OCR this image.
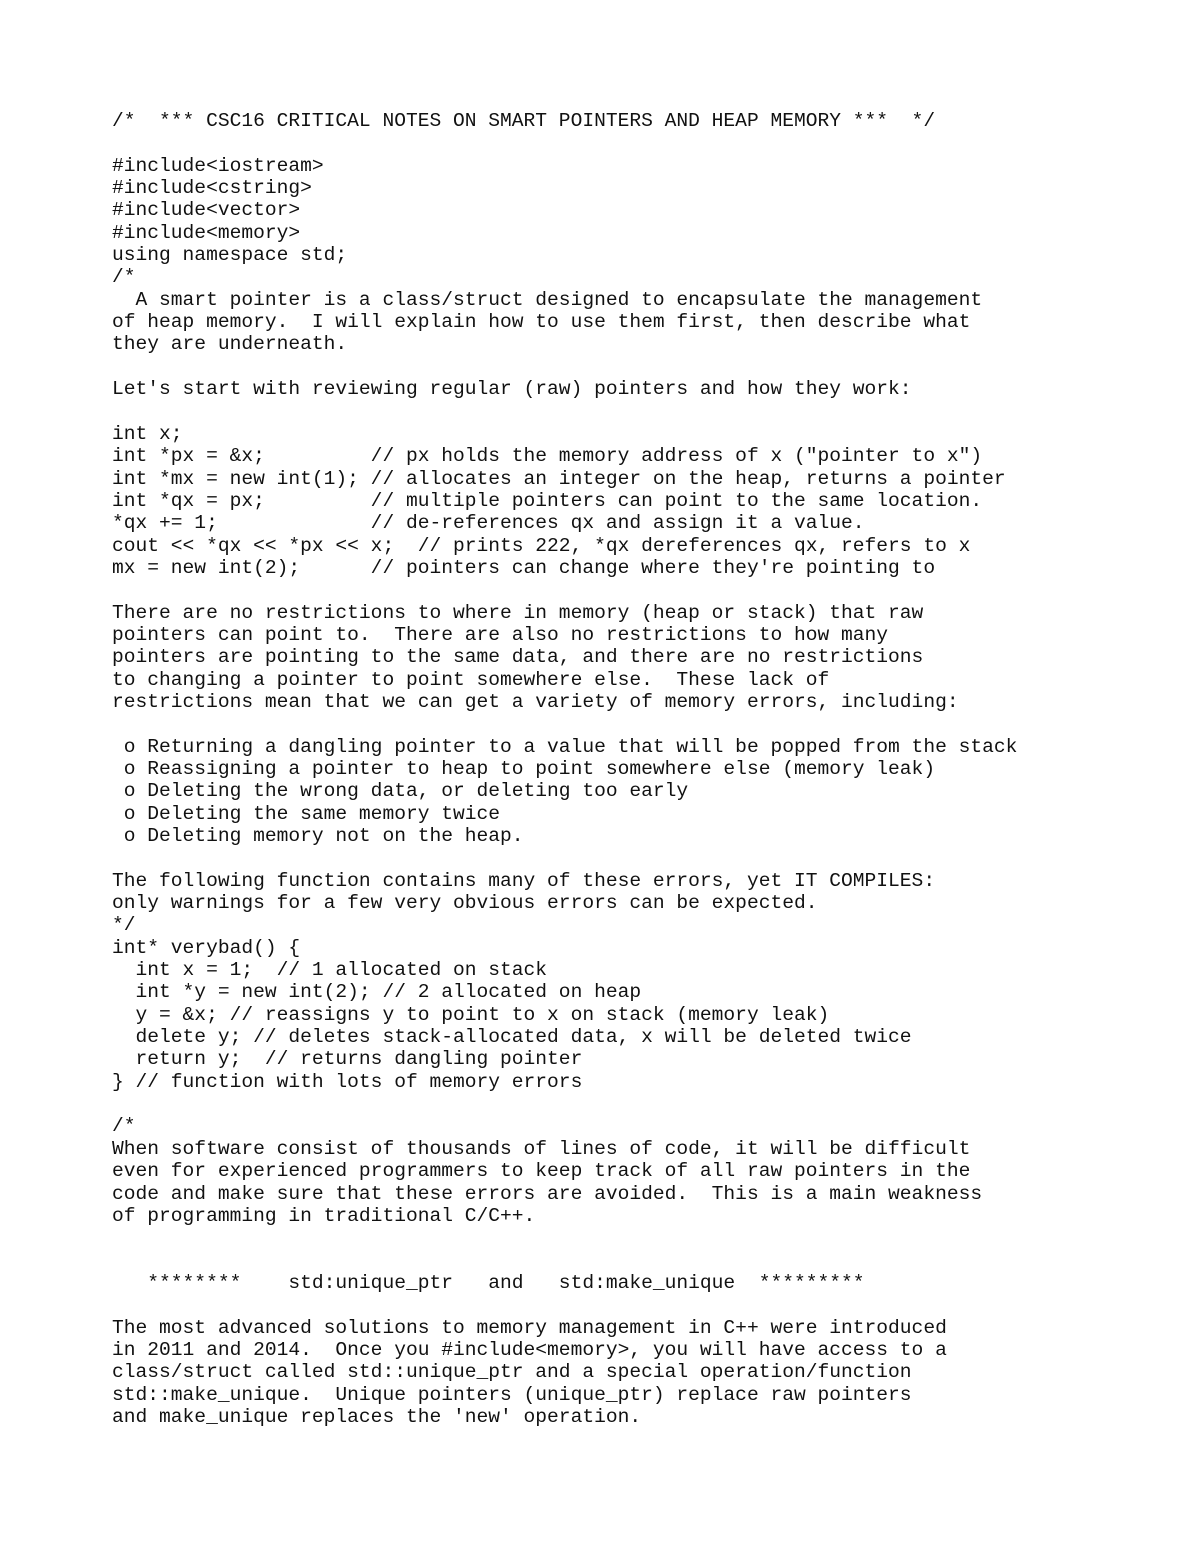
/*  *** CSC16 CRITICAL NOTES ON SMART POINTERS AND HEAP MEMORY ***  */
#include<iostream>
#include<cstring>
#include<vector>
#include<memory>
using namespace std;
/*
A smart pointer is a class/struct designed to encapsulate the management
of heap memory.  I will explain how to use them first, then describe what
they are underneath.
Let's start with reviewing regular (raw) pointers and how they work:
int x;
int *px = &x;         // px holds the memory address of x ("pointer to x")
int *mx = new int(1); // allocates an integer on the heap, returns a pointer
int *qx = px;         // multiple pointers can point to the same location.
*qx += 1;             // de-references qx and assign it a value.
cout << *qx << *px << x;  // prints 222, *qx dereferences qx, refers to x
mx = new int(2);      // pointers can change where they're pointing to
There are no restrictions to where in memory (heap or stack) that raw
pointers can point to.  There are also no restrictions to how many
pointers are pointing to the same data, and there are no restrictions
to changing a pointer to point somewhere else.  These lack of
restrictions mean that we can get a variety of memory errors, including:
o Returning a dangling pointer to a value that will be popped from the stack
o Reassigning a pointer to heap to point somewhere else (memory leak)
o Deleting the wrong data, or deleting too early
o Deleting the same memory twice
o Deleting memory not on the heap.
The following function contains many of these errors, yet IT COMPILES:
only warnings for a few very obvious errors can be expected.
*/
int* verybad() {
int x = 1;  // 1 allocated on stack
int *y = new int(2); // 2 allocated on heap
y = &x; // reassigns y to point to x on stack (memory leak)
delete y; // deletes stack-allocated data, x will be deleted twice
return y;  // returns dangling pointer
} // function with lots of memory errors
/*
When software consist of thousands of lines of code, it will be difficult
even for experienced programmers to keep track of all raw pointers in the
code and make sure that these errors are avoided.  This is a main weakness
of programming in traditional C/C++.
********    std:unique_ptr   and   std:make_unique  *********
The most advanced solutions to memory management in C++ were introduced
in 2011 and 2014.  Once you #include<memory>, you will have access to a
class/struct called std::unique_ptr and a special operation/function
std::make_unique.  Unique pointers (unique_ptr) replace raw pointers
and make_unique replaces the 'new' operation.
